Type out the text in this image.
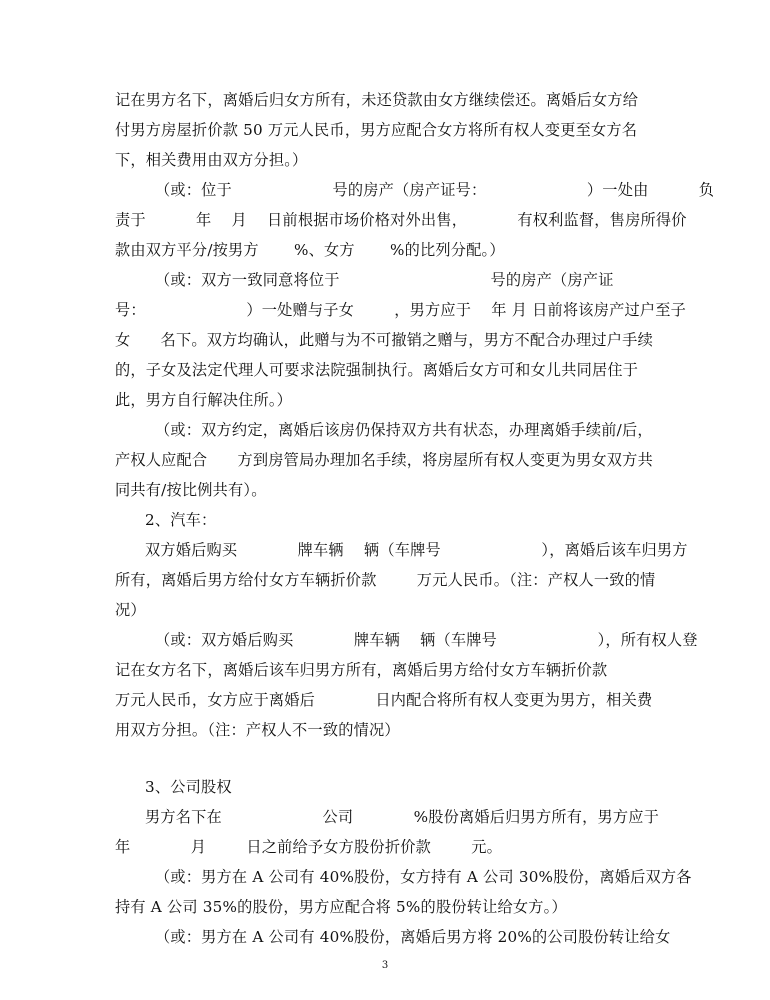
记在男方名下，离婚后归女方所有，未还贷款由女方继续偿还。离婚后女方给
付男方房屋折价款 50 万元人民币，男方应配合女方将所有权人变更至女方名
下，相关费用由双方分担。）
（或：位于                    号的房产（房产证号：                    ）一处由          负
责于          年    月    日前根据市场价格对外出售，          有权利监督，售房所得价
款由双方平分/按男方       %、女方       %的比列分配。）
（或：双方一致同意将位于                              号的房产（房产证
号：                    ）一处赠与子女        ，男方应于    年 月 日前将该房产过户至子
女      名下。双方均确认，此赠与为不可撤销之赠与，男方不配合办理过户手续
的，子女及法定代理人可要求法院强制执行。离婚后女方可和女儿共同居住于
此，男方自行解决住所。）
（或：双方约定，离婚后该房仍保持双方共有状态，办理离婚手续前/后，
产权人应配合      方到房管局办理加名手续，将房屋所有权人变更为男女双方共
同共有/按比例共有）。
2、汽车：
双方婚后购买            牌车辆    辆（车牌号                    ），离婚后该车归男方
所有，离婚后男方给付女方车辆折价款        万元人民币。（注：产权人一致的情
况）
（或：双方婚后购买            牌车辆    辆（车牌号                    ），所有权人登
记在女方名下，离婚后该车归男方所有，离婚后男方给付女方车辆折价款
万元人民币，女方应于离婚后            日内配合将所有权人变更为男方，相关费
用双方分担。（注：产权人不一致的情况）
3、公司股权
男方名下在                    公司            %股份离婚后归男方所有，男方应于
年            月        日之前给予女方股份折价款        元。
（或：男方在 A 公司有 40%股份，女方持有 A 公司 30%股份，离婚后双方各
持有 A 公司 35%的股份，男方应配合将 5%的股份转让给女方。）
（或：男方在 A 公司有 40%股份，离婚后男方将 20%的公司股份转让给女
3
